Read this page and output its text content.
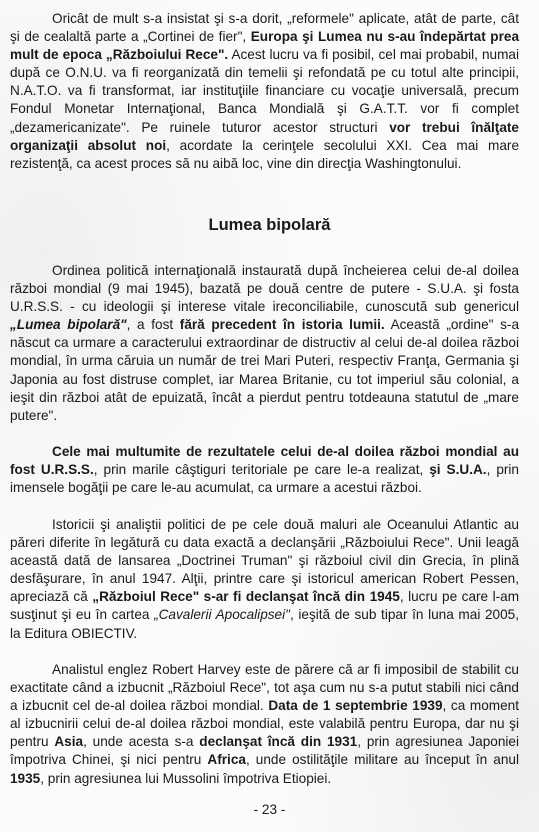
Oricât de mult s-a insistat şi s-a dorit, „reformele" aplicate, atât de parte, cât şi de cealaltă parte a „Cortinei de fier", Europa şi Lumea nu s-au îndepărtat prea mult de epoca „Războiului Rece". Acest lucru va fi posibil, cel mai probabil, numai după ce O.N.U. va fi reorganizată din temelii şi refondată pe cu totul alte principii, N.A.T.O. va fi transformat, iar instituţiile financiare cu vocaţie universală, precum Fondul Monetar Internaţional, Banca Mondială şi G.A.T.T. vor fi complet „dezamericanizate". Pe ruinele tuturor acestor structuri vor trebui înălţate organizaţii absolut noi, acordate la cerinţele secolului XXI. Cea mai mare rezistenţă, ca acest proces să nu aibă loc, vine din direcţia Washingtonului.

Lumea bipolară

Ordinea politică internaţională instaurată după încheierea celui de-al doilea război mondial (9 mai 1945), bazată pe două centre de putere - S.U.A. şi fosta U.R.S.S. - cu ideologii şi interese vitale ireconciliabile, cunoscută sub genericul „Lumea bipolară", a fost fără precedent în istoria lumii. Această „ordine" s-a născut ca urmare a caracterului extraordinar de distructiv al celui de-al doilea război mondial, în urma căruia un număr de trei Mari Puteri, respectiv Franţa, Germania şi Japonia au fost distruse complet, iar Marea Britanie, cu tot imperiul său colonial, a ieşit din război atât de epuizată, încât a pierdut pentru totdeauna statutul de „mare putere".

Cele mai multumite de rezultatele celui de-al doilea război mondial au fost U.R.S.S., prin marile câştiguri teritoriale pe care le-a realizat, şi S.U.A., prin imensele bogăţii pe care le-au acumulat, ca urmare a acestui război.

Istoricii şi analiştii politici de pe cele două maluri ale Oceanului Atlantic au păreri diferite în legătură cu data exactă a declanşării „Războiului Rece". Unii leagă această dată de lansarea „Doctrinei Truman" şi războiul civil din Grecia, în plină desfăşurare, în anul 1947. Alţii, printre care şi istoricul american Robert Pessen, apreciază că „Războiul Rece" s-ar fi declanşat încă din 1945, lucru pe care l-am susţinut şi eu în cartea „Cavalerii Apocalipsei", ieşită de sub tipar în luna mai 2005, la Editura OBIECTIV.

Analistul englez Robert Harvey este de părere că ar fi imposibil de stabilit cu exactitate când a izbucnit „Războiul Rece", tot aşa cum nu s-a putut stabili nici când a izbucnit cel de-al doilea război mondial. Data de 1 septembrie 1939, ca moment al izbucnirii celui de-al doilea război mondial, este valabilă pentru Europa, dar nu şi pentru Asia, unde acesta s-a declanşat încă din 1931, prin agresiunea Japoniei împotriva Chinei, şi nici pentru Africa, unde ostilităţile militare au început în anul 1935, prin agresiunea lui Mussolini împotriva Etiopiei.

- 23 -
